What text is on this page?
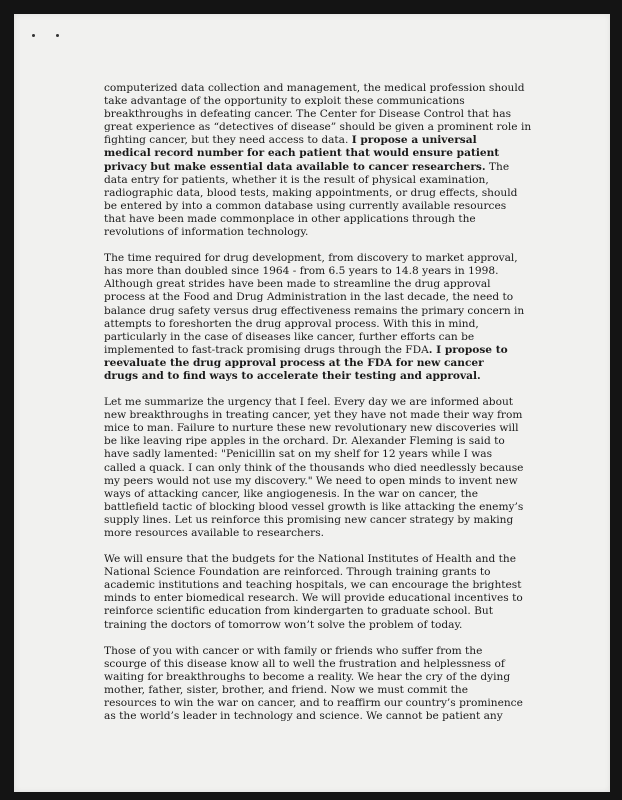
computerized data collection and management, the medical profession should
take advantage of the opportunity to exploit these communications
breakthroughs in defeating cancer. The Center for Disease Control that has
great experience as “detectives of disease” should be given a prominent role in
fighting cancer, but they need access to data. I propose a universal
medical record number for each patient that would ensure patient
privacy but make essential data available to cancer researchers. The
data entry for patients, whether it is the result of physical examination,
radiographic data, blood tests, making appointments, or drug effects, should
be entered by into a common database using currently available resources
that have been made commonplace in other applications through the
revolutions of information technology.
The time required for drug development, from discovery to market approval,
has more than doubled since 1964 - from 6.5 years to 14.8 years in 1998.
Although great strides have been made to streamline the drug approval
process at the Food and Drug Administration in the last decade, the need to
balance drug safety versus drug effectiveness remains the primary concern in
attempts to foreshorten the drug approval process. With this in mind,
particularly in the case of diseases like cancer, further efforts can be
implemented to fast-track promising drugs through the FDA. I propose to
reevaluate the drug approval process at the FDA for new cancer
drugs and to find ways to accelerate their testing and approval.
Let me summarize the urgency that I feel. Every day we are informed about
new breakthroughs in treating cancer, yet they have not made their way from
mice to man. Failure to nurture these new revolutionary new discoveries will
be like leaving ripe apples in the orchard. Dr. Alexander Fleming is said to
have sadly lamented: "Penicillin sat on my shelf for 12 years while I was
called a quack. I can only think of the thousands who died needlessly because
my peers would not use my discovery." We need to open minds to invent new
ways of attacking cancer, like angiogenesis. In the war on cancer, the
battlefield tactic of blocking blood vessel growth is like attacking the enemy’s
supply lines. Let us reinforce this promising new cancer strategy by making
more resources available to researchers.
We will ensure that the budgets for the National Institutes of Health and the
National Science Foundation are reinforced. Through training grants to
academic institutions and teaching hospitals, we can encourage the brightest
minds to enter biomedical research. We will provide educational incentives to
reinforce scientific education from kindergarten to graduate school. But
training the doctors of tomorrow won’t solve the problem of today.
Those of you with cancer or with family or friends who suffer from the
scourge of this disease know all to well the frustration and helplessness of
waiting for breakthroughs to become a reality. We hear the cry of the dying
mother, father, sister, brother, and friend. Now we must commit the
resources to win the war on cancer, and to reaffirm our country’s prominence
as the world’s leader in technology and science. We cannot be patient any
